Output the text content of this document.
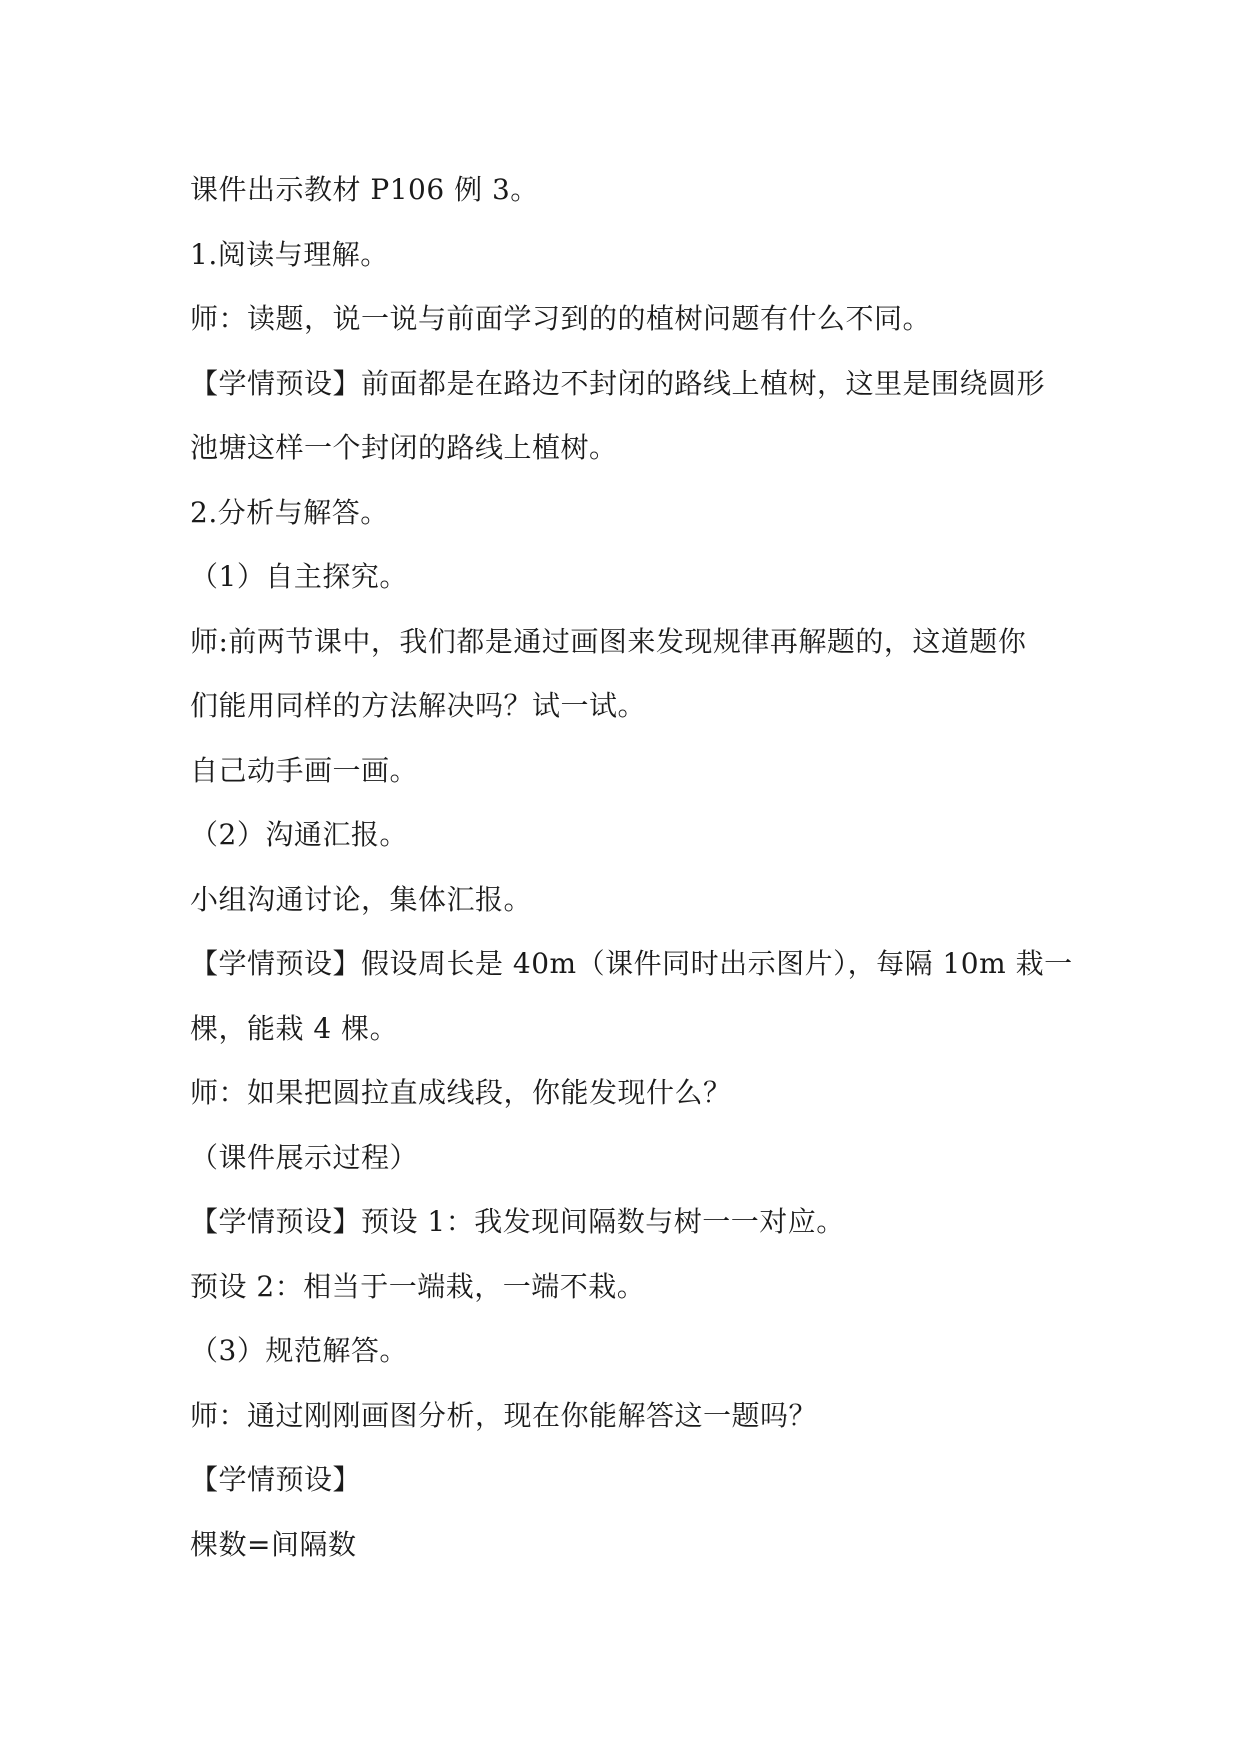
课件出示教材 P106 例 3。
1.阅读与理解。
师：读题，说一说与前面学习到的的植树问题有什么不同。
【学情预设】前面都是在路边不封闭的路线上植树，这里是围绕圆形
池塘这样一个封闭的路线上植树。
2.分析与解答。
（1）自主探究。
师:前两节课中，我们都是通过画图来发现规律再解题的，这道题你
们能用同样的方法解决吗？试一试。
自己动手画一画。
（2）沟通汇报。
小组沟通讨论，集体汇报。
【学情预设】假设周长是 40m（课件同时出示图片），每隔 10m 栽一
棵，能栽 4 棵。
师：如果把圆拉直成线段，你能发现什么？
（课件展示过程）
【学情预设】预设 1：我发现间隔数与树一一对应。
预设 2：相当于一端栽，一端不栽。
（3）规范解答。
师：通过刚刚画图分析，现在你能解答这一题吗？
【学情预设】
棵数=间隔数
